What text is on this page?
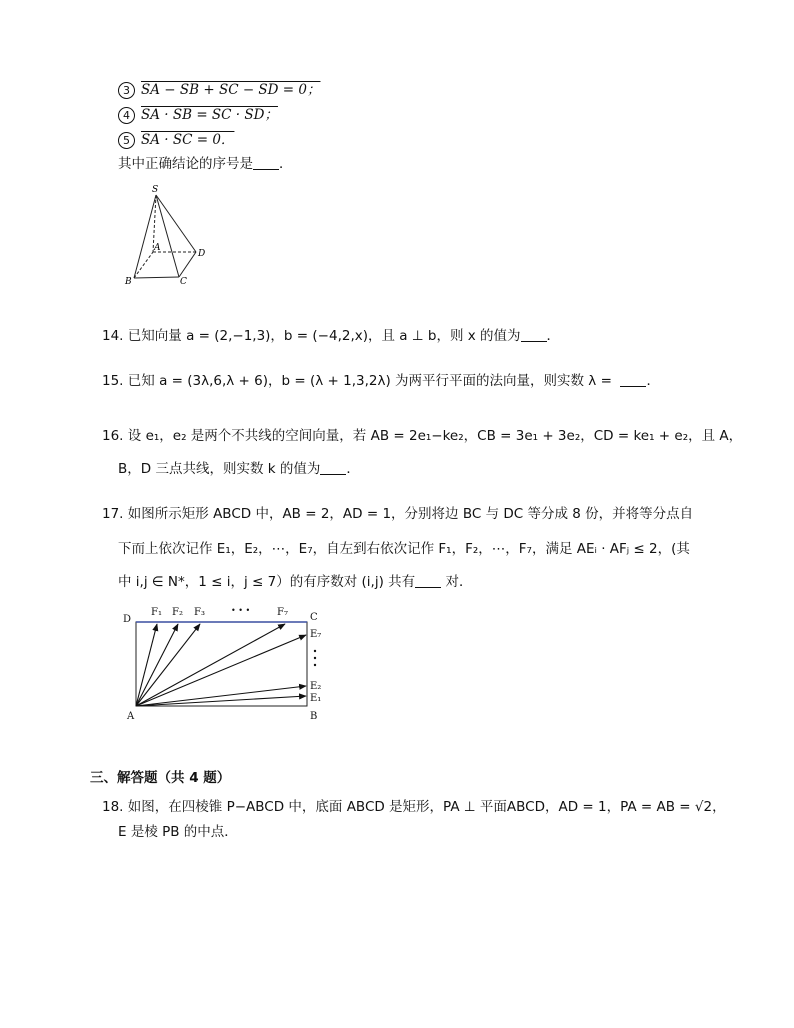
3 SA − SB + SC − SD = 0；
4 SA · SB = SC · SD；
5 SA · SC = 0．
其中正确结论的序号是 ．
S
A
B	C
D
14. 已知向量 a = (2,−1,3)，b = (−4,2,x)，且 a ⊥ b，则 x 的值为 ．
15. 已知 a = (3λ,6,λ + 6)，b = (λ + 1,3,2λ) 为两平行平面的法向量，则实数 λ =	．
16. 设 e₁，e₂ 是两个不共线的空间向量，若 AB = 2e₁−ke₂，CB = 3e₁ + 3e₂，CD = ke₁ + e₂，且 A，
B，D 三点共线，则实数 k 的值为 ．
17. 如图所示矩形 ABCD 中，AB = 2，AD = 1，分别将边 BC 与 DC 等分成 8 份，并将等分点自
下而上依次记作 E₁，E₂，⋯，E₇，自左到右依次记作 F₁，F₂，⋯，F₇，满足 AEᵢ · AFⱼ ≤ 2，(其
中 i,j ∈ N*，1 ≤ i，j ≤ 7）的有序数对 (i,j) 共有 对．
D	C
A	B
F₁ F₂ F₃	• • •	F₇
E₇
E₂
E₁
三、解答题（共 4 题）
18. 如图，在四棱锥 P−ABCD 中，底面 ABCD 是矩形，PA ⊥ 平面ABCD，AD = 1，PA = AB = √2，
E 是棱 PB 的中点．
